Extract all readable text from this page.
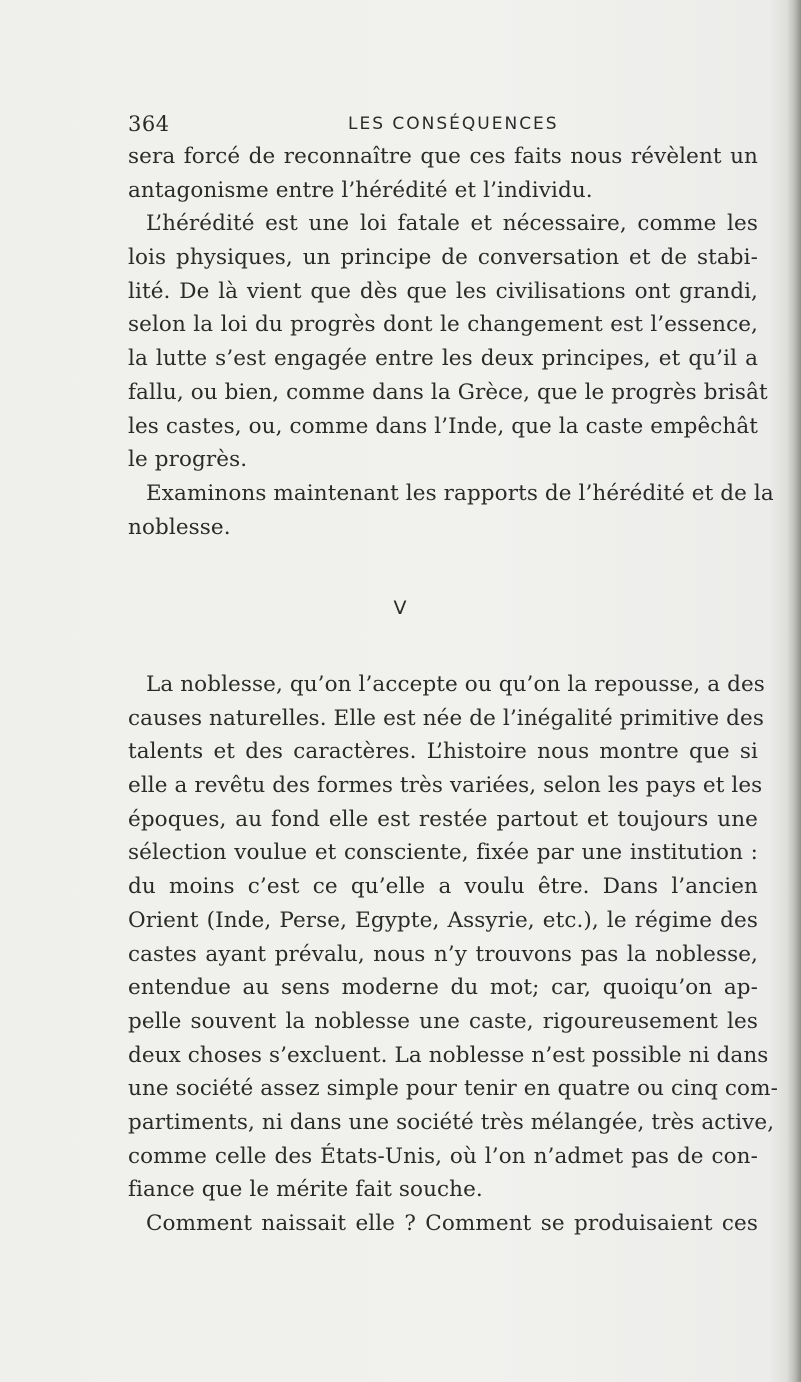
364	LES CONSÉQUENCES
sera forcé de reconnaître que ces faits nous révèlent un
antagonisme entre l’hérédité et l’individu.
L’hérédité est une loi fatale et nécessaire, comme les
lois physiques, un principe de conversation et de stabi-
lité. De là vient que dès que les civilisations ont grandi,
selon la loi du progrès dont le changement est l’essence,
la lutte s’est engagée entre les deux principes, et qu’il a
fallu, ou bien, comme dans la Grèce, que le progrès brisât
les castes, ou, comme dans l’Inde, que la caste empêchât
le progrès.
Examinons maintenant les rapports de l’hérédité et de la
noblesse.
V
La noblesse, qu’on l’accepte ou qu’on la repousse, a des
causes naturelles. Elle est née de l’inégalité primitive des
talents et des caractères. L’histoire nous montre que si
elle a revêtu des formes très variées, selon les pays et les
époques, au fond elle est restée partout et toujours une
sélection voulue et consciente, fixée par une institution :
du moins c’est ce qu’elle a voulu être. Dans l’ancien
Orient (Inde, Perse, Egypte, Assyrie, etc.), le régime des
castes ayant prévalu, nous n’y trouvons pas la noblesse,
entendue au sens moderne du mot; car, quoiqu’on ap-
pelle souvent la noblesse une caste, rigoureusement les
deux choses s’excluent. La noblesse n’est possible ni dans
une société assez simple pour tenir en quatre ou cinq com-
partiments, ni dans une société très mélangée, très active,
comme celle des États-Unis, où l’on n’admet pas de con-
fiance que le mérite fait souche.
Comment naissait elle ? Comment se produisaient ces
